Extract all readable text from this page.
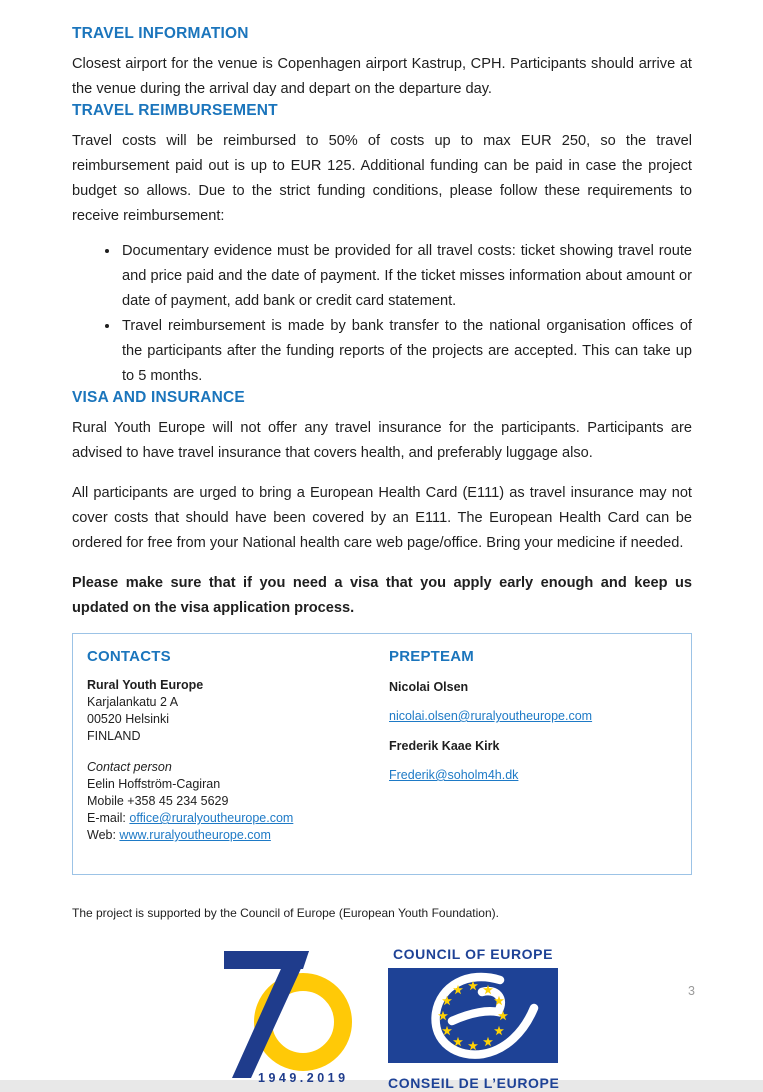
TRAVEL INFORMATION

Closest airport for the venue is Copenhagen airport Kastrup, CPH. Participants should arrive at the venue during the arrival day and depart on the departure day.

TRAVEL REIMBURSEMENT

Travel costs will be reimbursed to 50% of costs up to max EUR 250, so the travel reimbursement paid out is up to EUR 125. Additional funding can be paid in case the project budget so allows. Due to the strict funding conditions, please follow these requirements to receive reimbursement:

• Documentary evidence must be provided for all travel costs: ticket showing travel route and price paid and the date of payment. If the ticket misses information about amount or date of payment, add bank or credit card statement.
• Travel reimbursement is made by bank transfer to the national organisation offices of the participants after the funding reports of the projects are accepted. This can take up to 5 months.
VISA AND INSURANCE

Rural Youth Europe will not offer any travel insurance for the participants. Participants are advised to have travel insurance that covers health, and preferably luggage also.

All participants are urged to bring a European Health Card (E111) as travel insurance may not cover costs that should have been covered by an E111. The European Health Card can be ordered for free from your National health care web page/office. Bring your medicine if needed.

Please make sure that if you need a visa that you apply early enough and keep us updated on the visa application process.

CONTACTS
Rural Youth Europe
Karjalankatu 2 A
00520 Helsinki
FINLAND
Contact person
Eelin Hoffström-Cagiran
Mobile +358 45 234 5629
E-mail: office@ruralyoutheurope.com
Web: www.ruralyoutheurope.com
PREPTEAM
Nicolai Olsen
nicolai.olsen@ruralyoutheurope.com
Frederik Kaae Kirk
Frederik@soholm4h.dk

The project is supported by the Council of Europe (European Youth Foundation).

1949.2019
COUNCIL OF EUROPE
CONSEIL DE L’EUROPE
3
